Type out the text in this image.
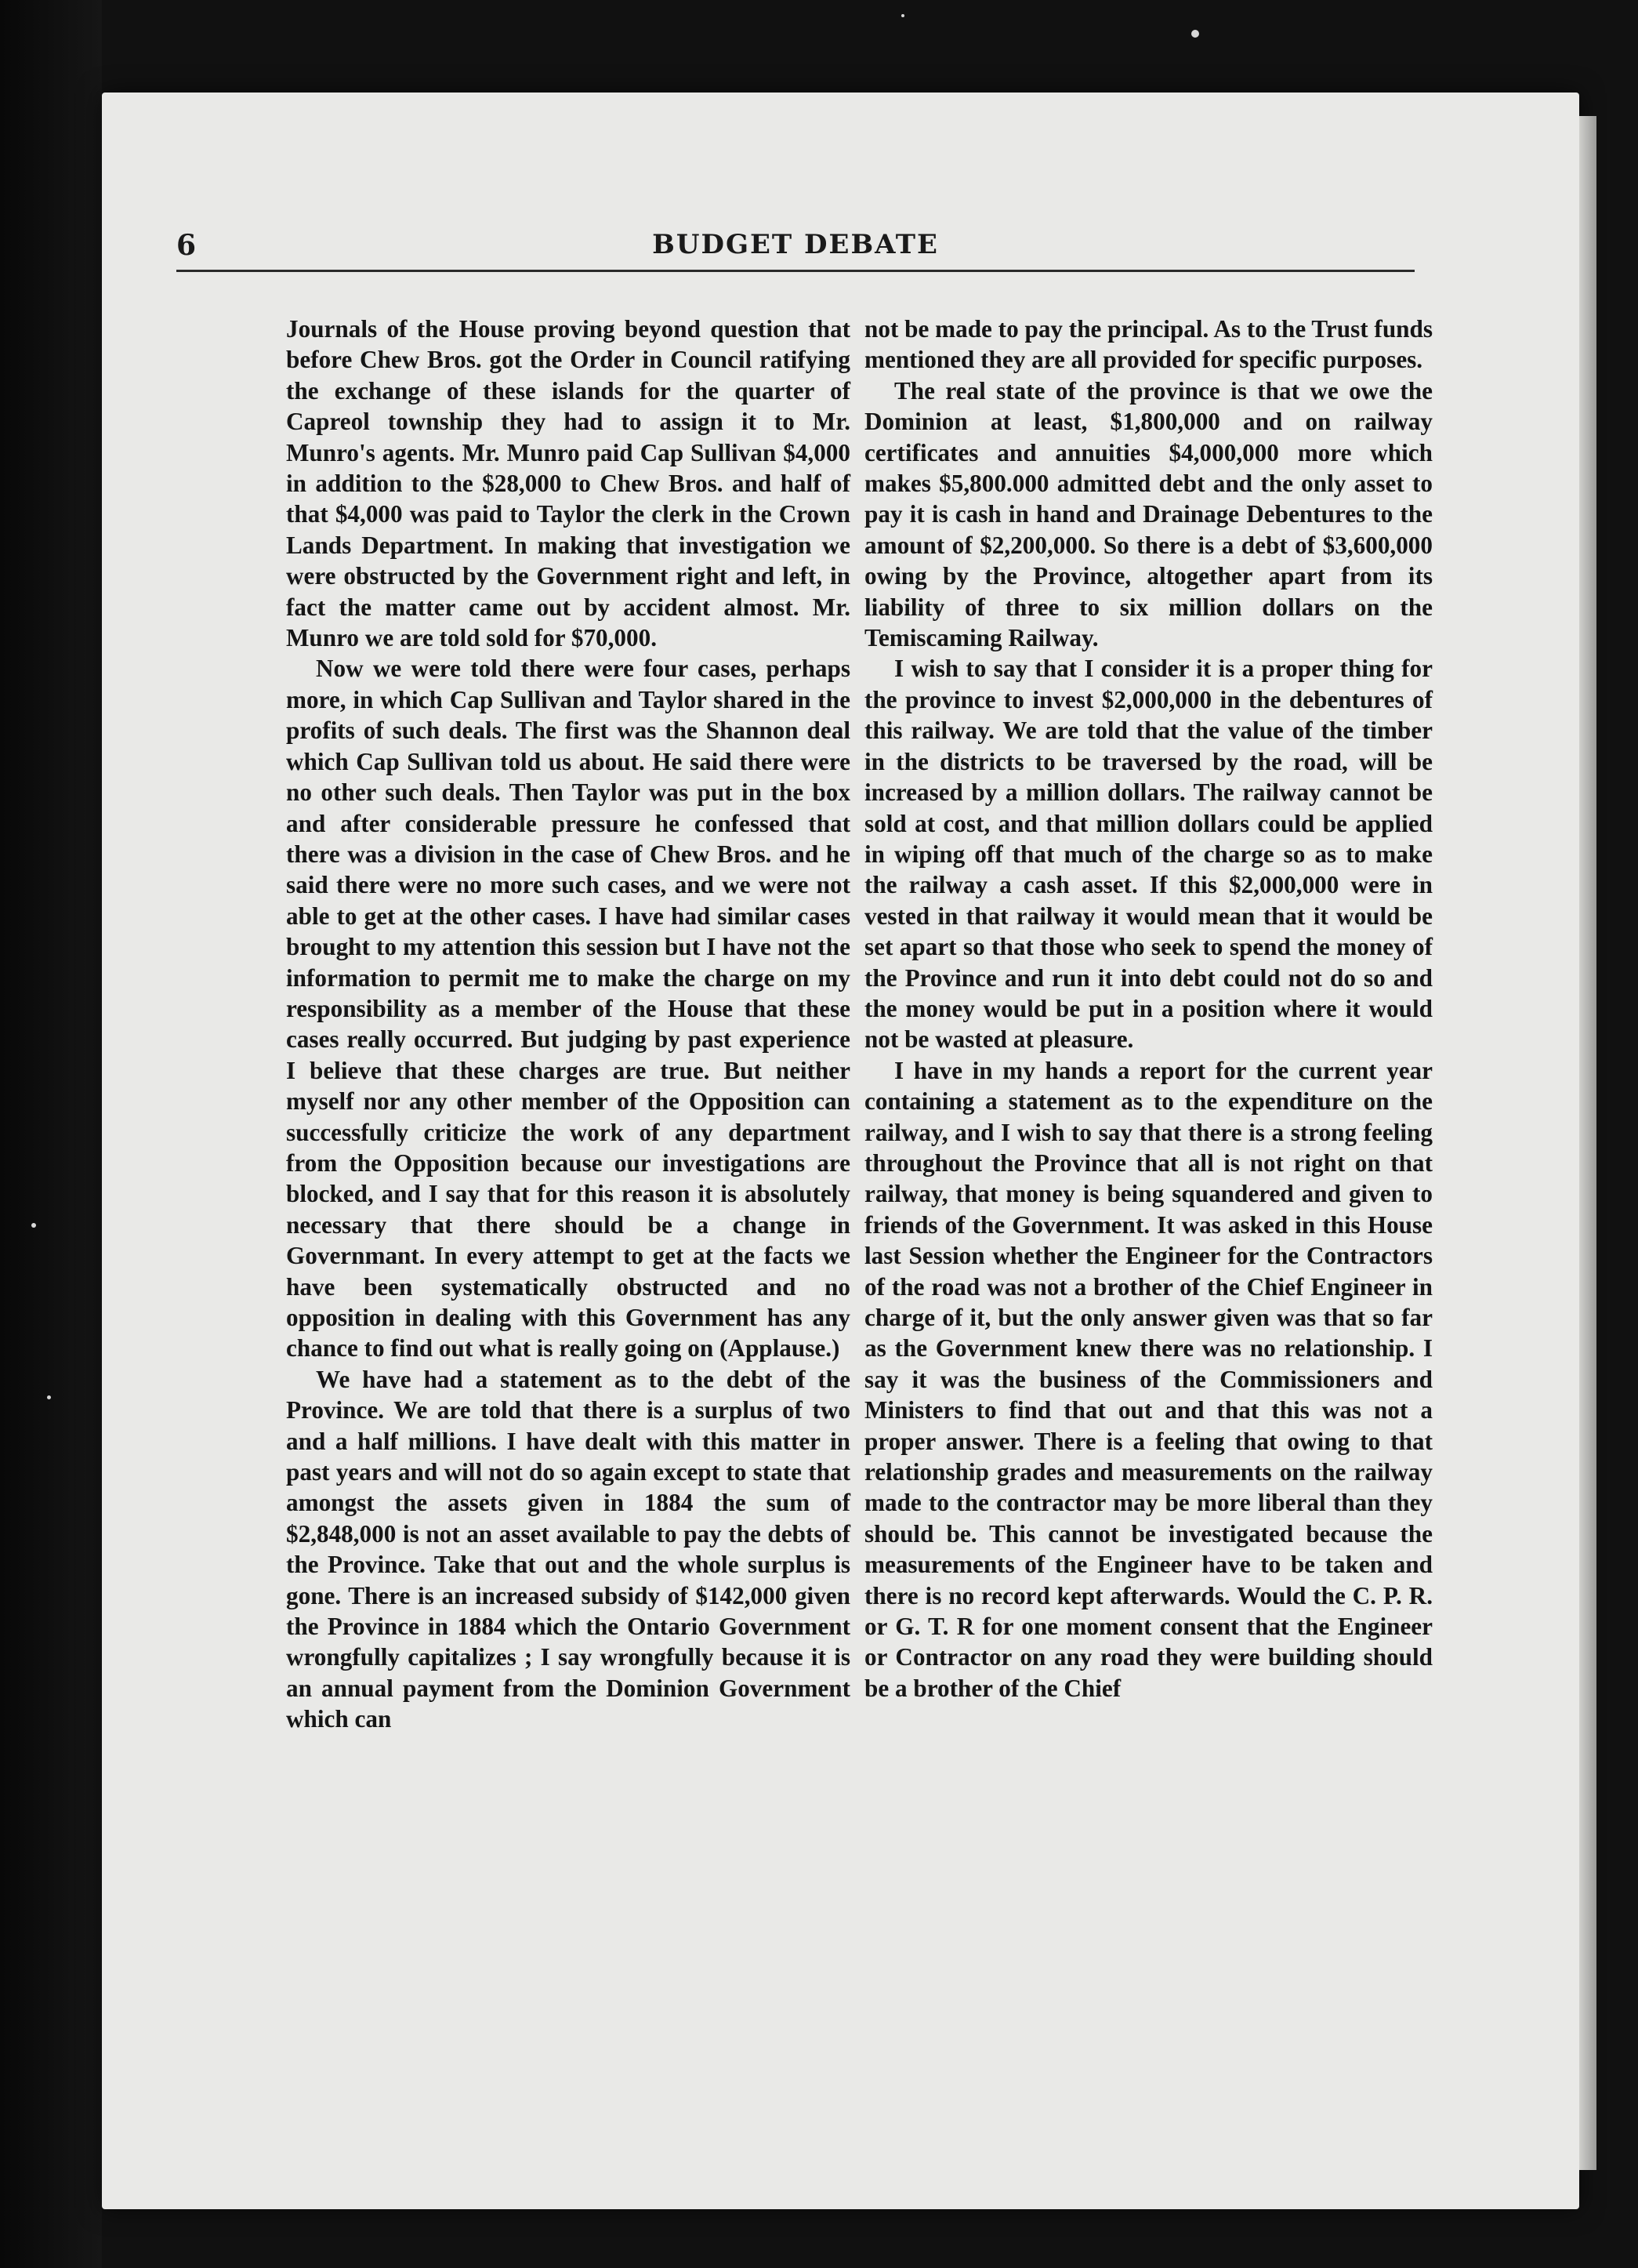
6	BUDGET DEBATE

Journals of the House proving beyond question that before Chew Bros. got the Order in Council ratifying the exchange of these islands for the quarter of Capreol township they had to assign it to Mr. Munro's agents. Mr. Munro paid Cap Sullivan $4,000 in addition to the $28,000 to Chew Bros. and half of that $4,000 was paid to Taylor the clerk in the Crown Lands Department. In making that investigation we were obstructed by the Government right and left, in fact the matter came out by accident almost. Mr. Munro we are told sold for $70,000.

Now we were told there were four cases, perhaps more, in which Cap Sullivan and Taylor shared in the profits of such deals. The first was the Shannon deal which Cap Sullivan told us about. He said there were no other such deals. Then Taylor was put in the box and after considerable pressure he confessed that there was a division in the case of Chew Bros. and he said there were no more such cases, and we were not able to get at the other cases. I have had similar cases brought to my attention this session but I have not the information to permit me to make the charge on my responsibility as a member of the House that these cases really occurred. But judging by past experience I believe that these charges are true. But neither myself nor any other member of the Opposition can successfully criticize the work of any department from the Opposition because our investigations are blocked, and I say that for this reason it is absolutely necessary that there should be a change in Governmant. In every attempt to get at the facts we have been systematically obstructed and no opposition in dealing with this Government has any chance to find out what is really going on (Applause.)

We have had a statement as to the debt of the Province. We are told that there is a surplus of two and a half millions. I have dealt with this matter in past years and will not do so again except to state that amongst the assets given in 1884 the sum of $2,848,000 is not an asset available to pay the debts of the Province. Take that out and the whole surplus is gone. There is an increased subsidy of $142,000 given the Province in 1884 which the Ontario Government wrongfully capitalizes ; I say wrongfully because it is an annual payment from the Dominion Government which can

not be made to pay the principal. As to the Trust funds mentioned they are all provided for specific purposes.

The real state of the province is that we owe the Dominion at least, $1,800,000 and on railway certificates and annuities $4,000,000 more which makes $5,800.000 admitted debt and the only asset to pay it is cash in hand and Drainage Debentures to the amount of $2,200,000. So there is a debt of $3,600,000 owing by the Province, altogether apart from its liability of three to six million dollars on the Temiscaming Railway.

I wish to say that I consider it is a proper thing for the province to invest $2,000,000 in the debentures of this railway. We are told that the value of the timber in the districts to be traversed by the road, will be increased by a million dollars. The railway cannot be sold at cost, and that million dollars could be applied in wiping off that much of the charge so as to make the railway a cash asset. If this $2,000,000 were in vested in that railway it would mean that it would be set apart so that those who seek to spend the money of the Province and run it into debt could not do so and the money would be put in a position where it would not be wasted at pleasure.

I have in my hands a report for the current year containing a statement as to the expenditure on the railway, and I wish to say that there is a strong feeling throughout the Province that all is not right on that railway, that money is being squandered and given to friends of the Government. It was asked in this House last Session whether the Engineer for the Contractors of the road was not a brother of the Chief Engineer in charge of it, but the only answer given was that so far as the Government knew there was no relationship. I say it was the business of the Commissioners and Ministers to find that out and that this was not a proper answer. There is a feeling that owing to that relationship grades and measurements on the railway made to the contractor may be more liberal than they should be. This cannot be investigated because the measurements of the Engineer have to be taken and there is no record kept afterwards. Would the C. P. R. or G. T. R for one moment consent that the Engineer or Contractor on any road they were building should be a brother of the Chief
